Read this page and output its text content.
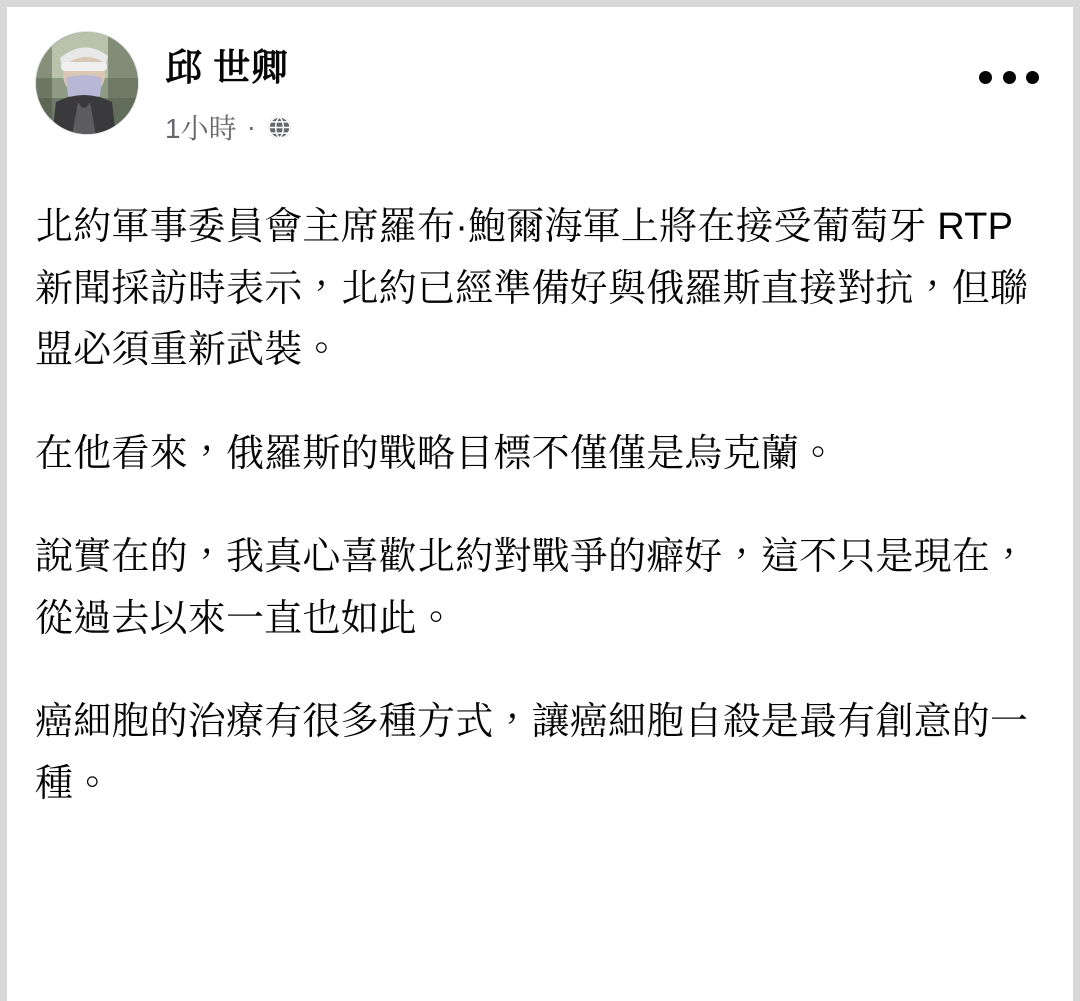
邱 世卿
1小時 ·

北約軍事委員會主席羅布·鮑爾海軍上將在接受葡萄牙 RTP 新聞採訪時表示，北約已經準備好與俄羅斯直接對抗，但聯盟必須重新武裝。

在他看來，俄羅斯的戰略目標不僅僅是烏克蘭。

說實在的，我真心喜歡北約對戰爭的癖好，這不只是現在，從過去以來一直也如此。

癌細胞的治療有很多種方式，讓癌細胞自殺是最有創意的一種。
